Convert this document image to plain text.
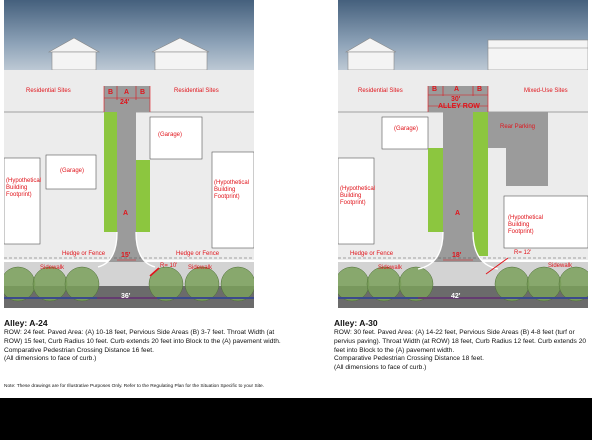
Residential Sites	Residential Sites
B A B
24'
(Garage)
(Garage)
(Hypothetical Building Footprint)
(Hypothetical Building Footprint)
A
15'
Hedge or Fence	Hedge or Fence
R= 10'
Sidewalk	Sidewalk
36'
Residential Sites	Mixed-Use Sites
B A	B
30'
ALLEY ROW
(Garage)	Rear Parking
(Hypothetical Building Footprint)
(Hypothetical Building Footprint)
A
18'
Hedge or Fence	R= 12'
Sidewalk	Sidewalk
42'
Alley: A-24

ROW: 24 feet. Paved Area: (A) 10-18 feet, Pervious Side Areas (B) 3-7 feet. Throat Width (at ROW) 15 feet, Curb Radius 10 feet. Curb extends 20 feet into Block to the (A) pavement width.

Comparative Pedestrian Crossing Distance 16 feet.

(All dimensions to face of curb.)

Alley: A-30

ROW: 30 feet. Paved Area: (A) 14-22 feet, Pervious Side Areas (B) 4-8 feet (turf or pervius paving). Throat Width (at ROW) 18 feet, Curb Radius 12 feet. Curb extends 20 feet into Block to the (A) pavement width.

Comparative Pedestrian Crossing Distance 18 feet.

(All dimensions to face of curb.)

Note: These drawings are for Illustrative Purposes Only. Refer to the Regulating Plan for the Situation Specific to your Site.
